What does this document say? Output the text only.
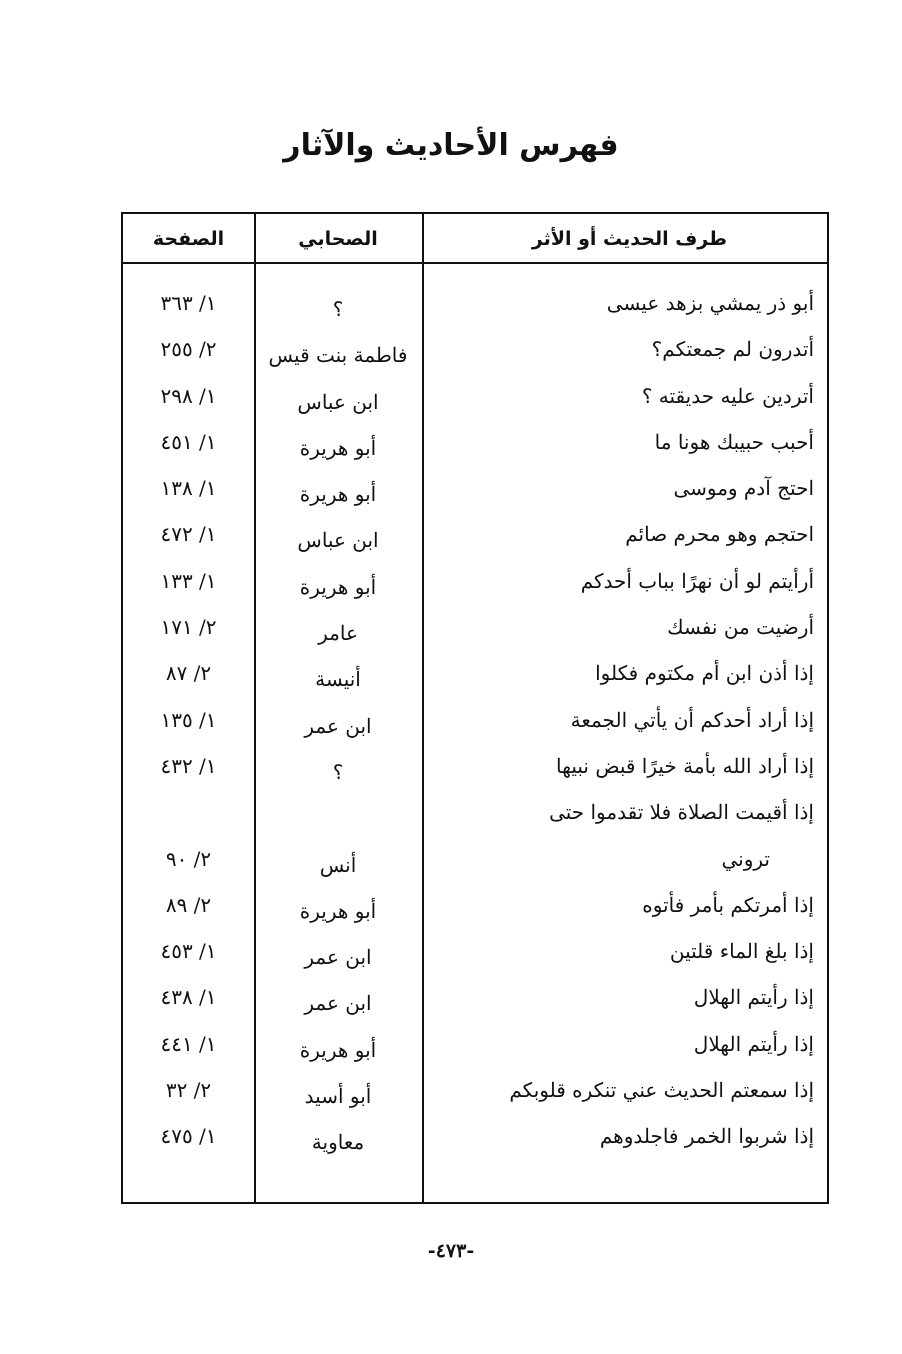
فهرس الأحاديث والآثار
الصفحة	الصحابي	طرف الحديث أو الأثر
أبو ذر يمشي بزهد عيسى
؟
١/ ٣٦٣
أتدرون لم جمعتكم؟
فاطمة بنت قيس
٢/ ٢٥٥
أتردين عليه حديقته ؟
ابن عباس
١/ ٢٩٨
أحبب حبيبك هونا ما
أبو هريرة
١/ ٤٥١
احتج آدم وموسى
أبو هريرة
١/ ١٣٨
احتجم وهو محرم صائم
ابن عباس
١/ ٤٧٢
أرأيتم لو أن نهرًا بباب أحدكم
أبو هريرة
١/ ١٣٣
أرضيت من نفسك
عامر
٢/ ١٧١
إذا أذن ابن أم مكتوم فكلوا
أنيسة
٢/ ٨٧
إذا أراد أحدكم أن يأتي الجمعة
ابن عمر
١/ ١٣٥
إذا أراد الله بأمة خيرًا قبض نبيها
؟
١/ ٤٣٢
إذا أقيمت الصلاة فلا تقدموا حتى
تروني
أنس
٢/ ٩٠
إذا أمرتكم بأمر فأتوه
أبو هريرة
٢/ ٨٩
إذا بلغ الماء قلتين
ابن عمر
١/ ٤٥٣
إذا رأيتم الهلال
ابن عمر
١/ ٤٣٨
إذا رأيتم الهلال
أبو هريرة
١/ ٤٤١
إذا سمعتم الحديث عني تنكره قلوبكم
أبو أسيد
٢/ ٣٢
إذا شربوا الخمر فاجلدوهم
معاوية
١/ ٤٧٥
-٤٧٣-
